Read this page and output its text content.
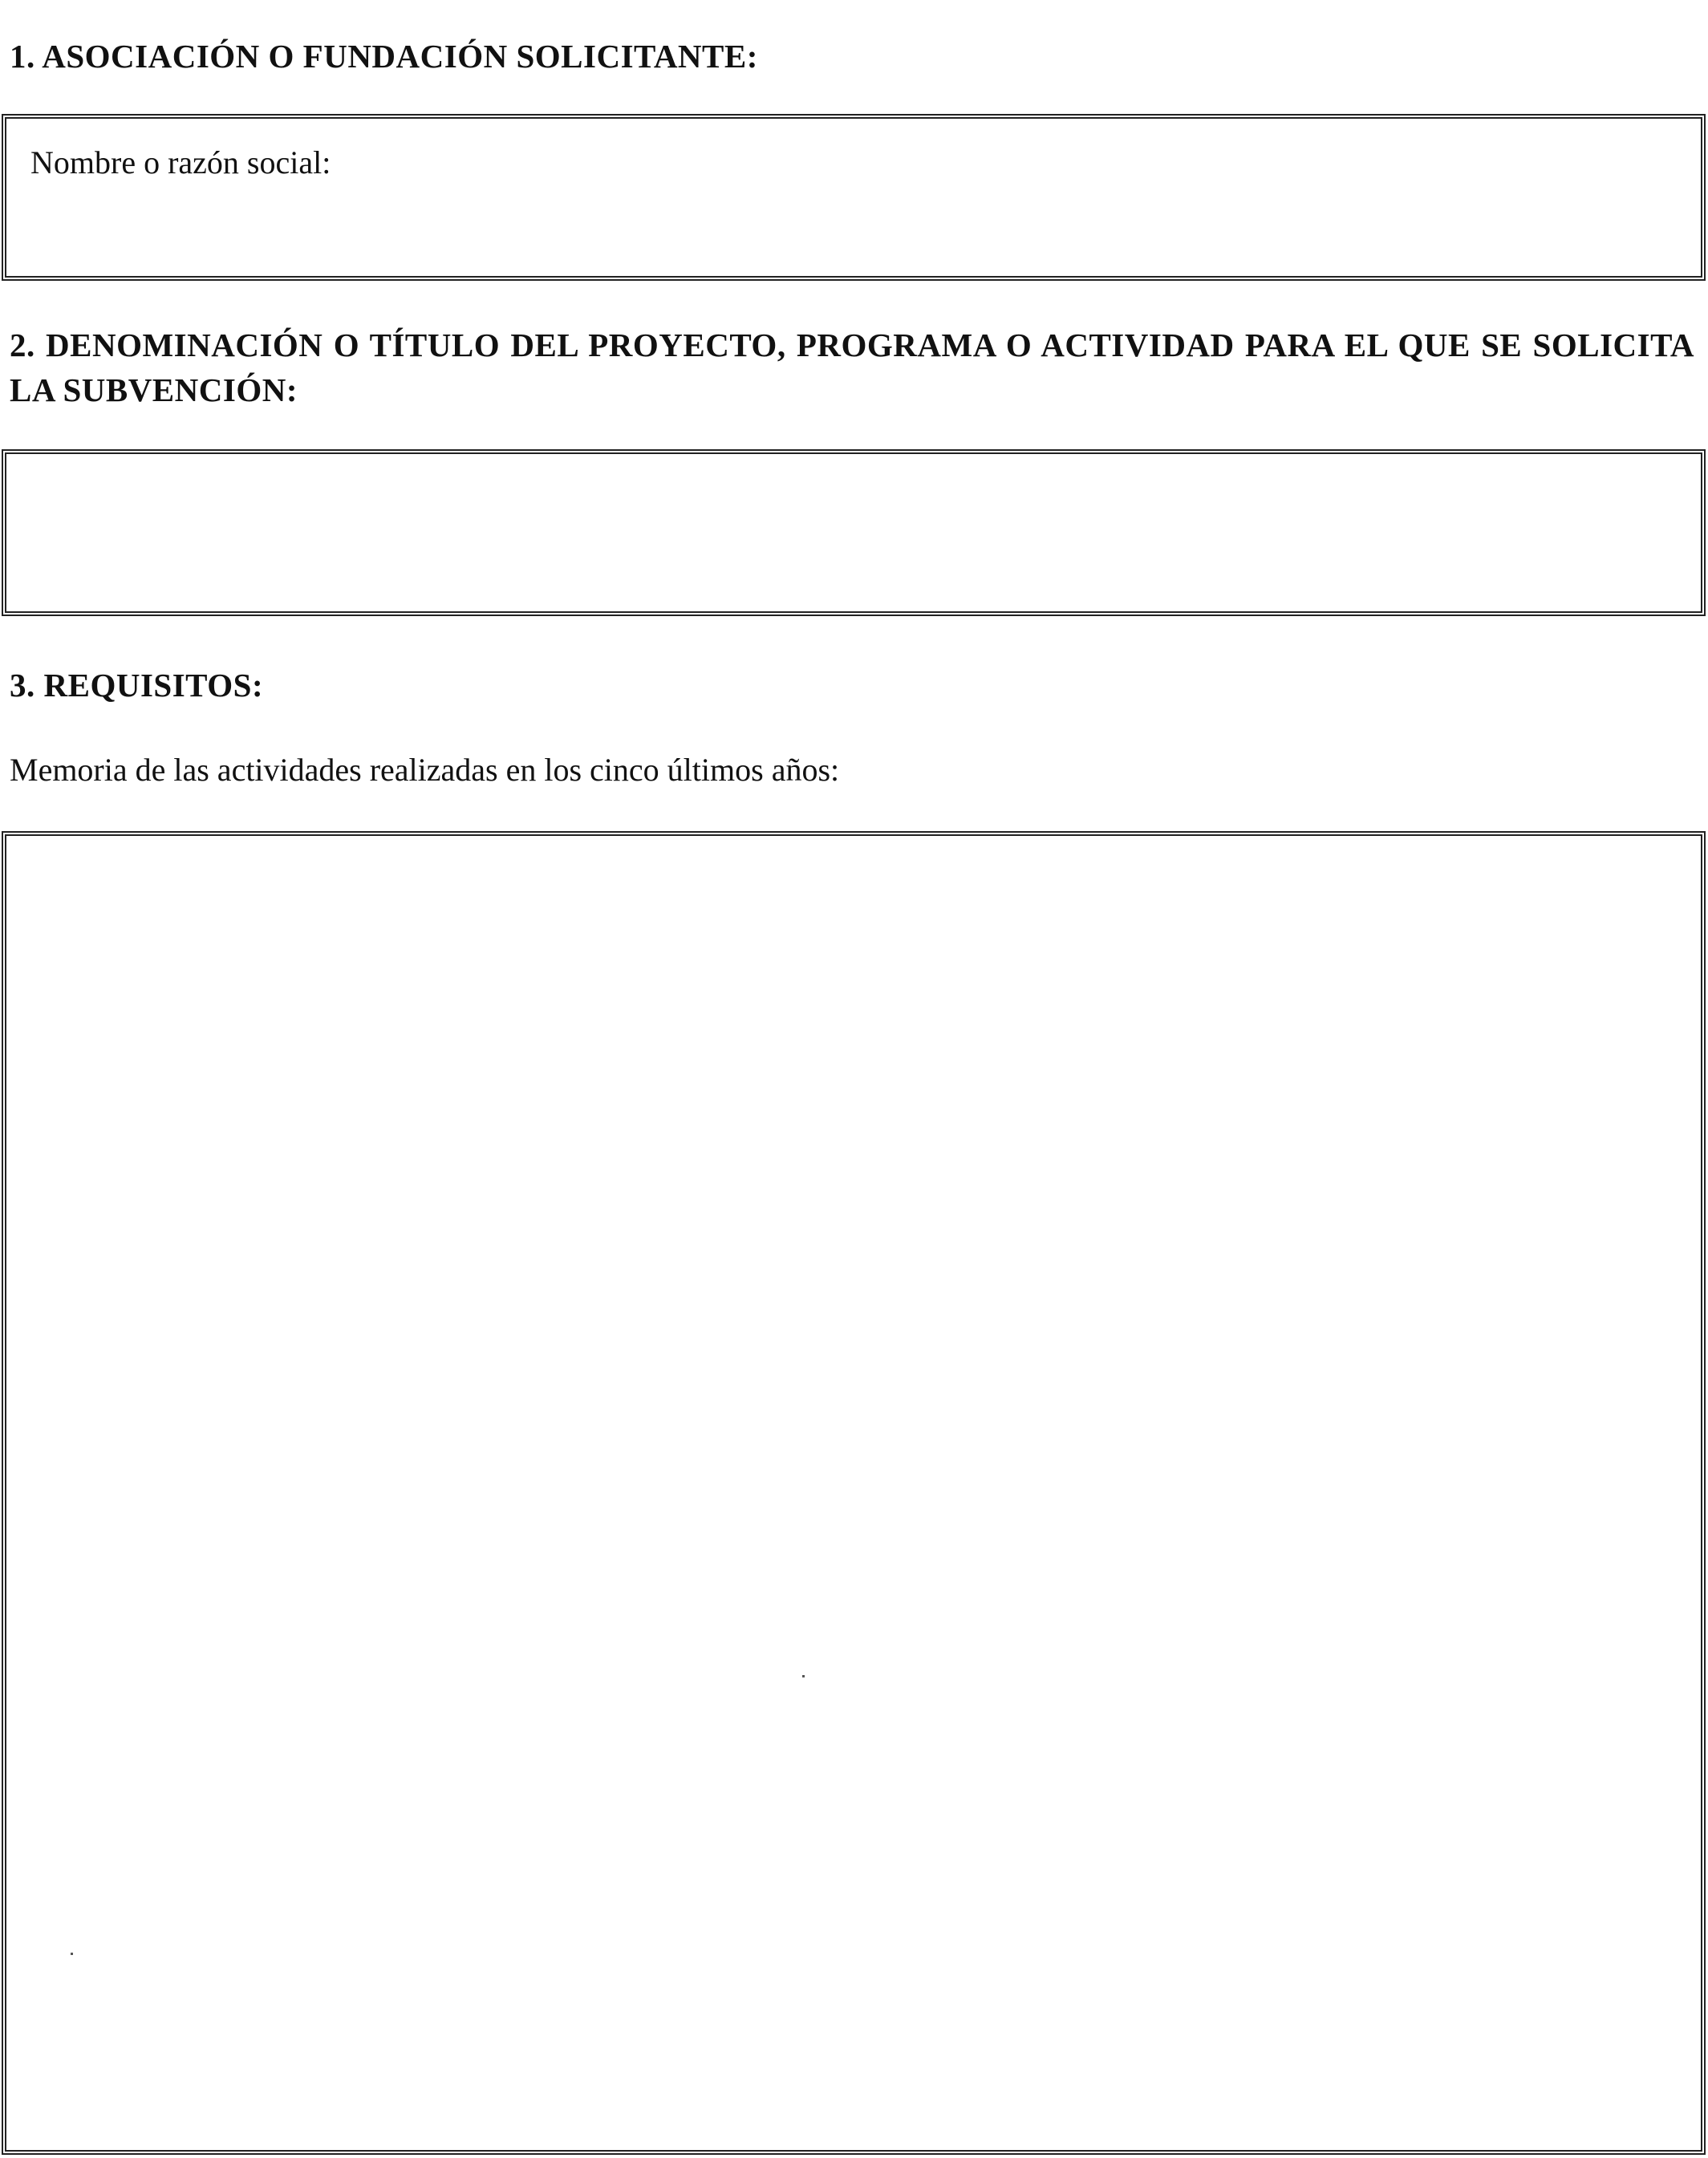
1. ASOCIACIÓN O FUNDACIÓN SOLICITANTE:
Nombre o razón social:
2. DENOMINACIÓN O TÍTULO DEL PROYECTO, PROGRAMA O ACTIVIDAD PARA EL QUE SE SOLICITA LA SUBVENCIÓN:
3. REQUISITOS:

Memoria de las actividades realizadas en los cinco últimos años:
